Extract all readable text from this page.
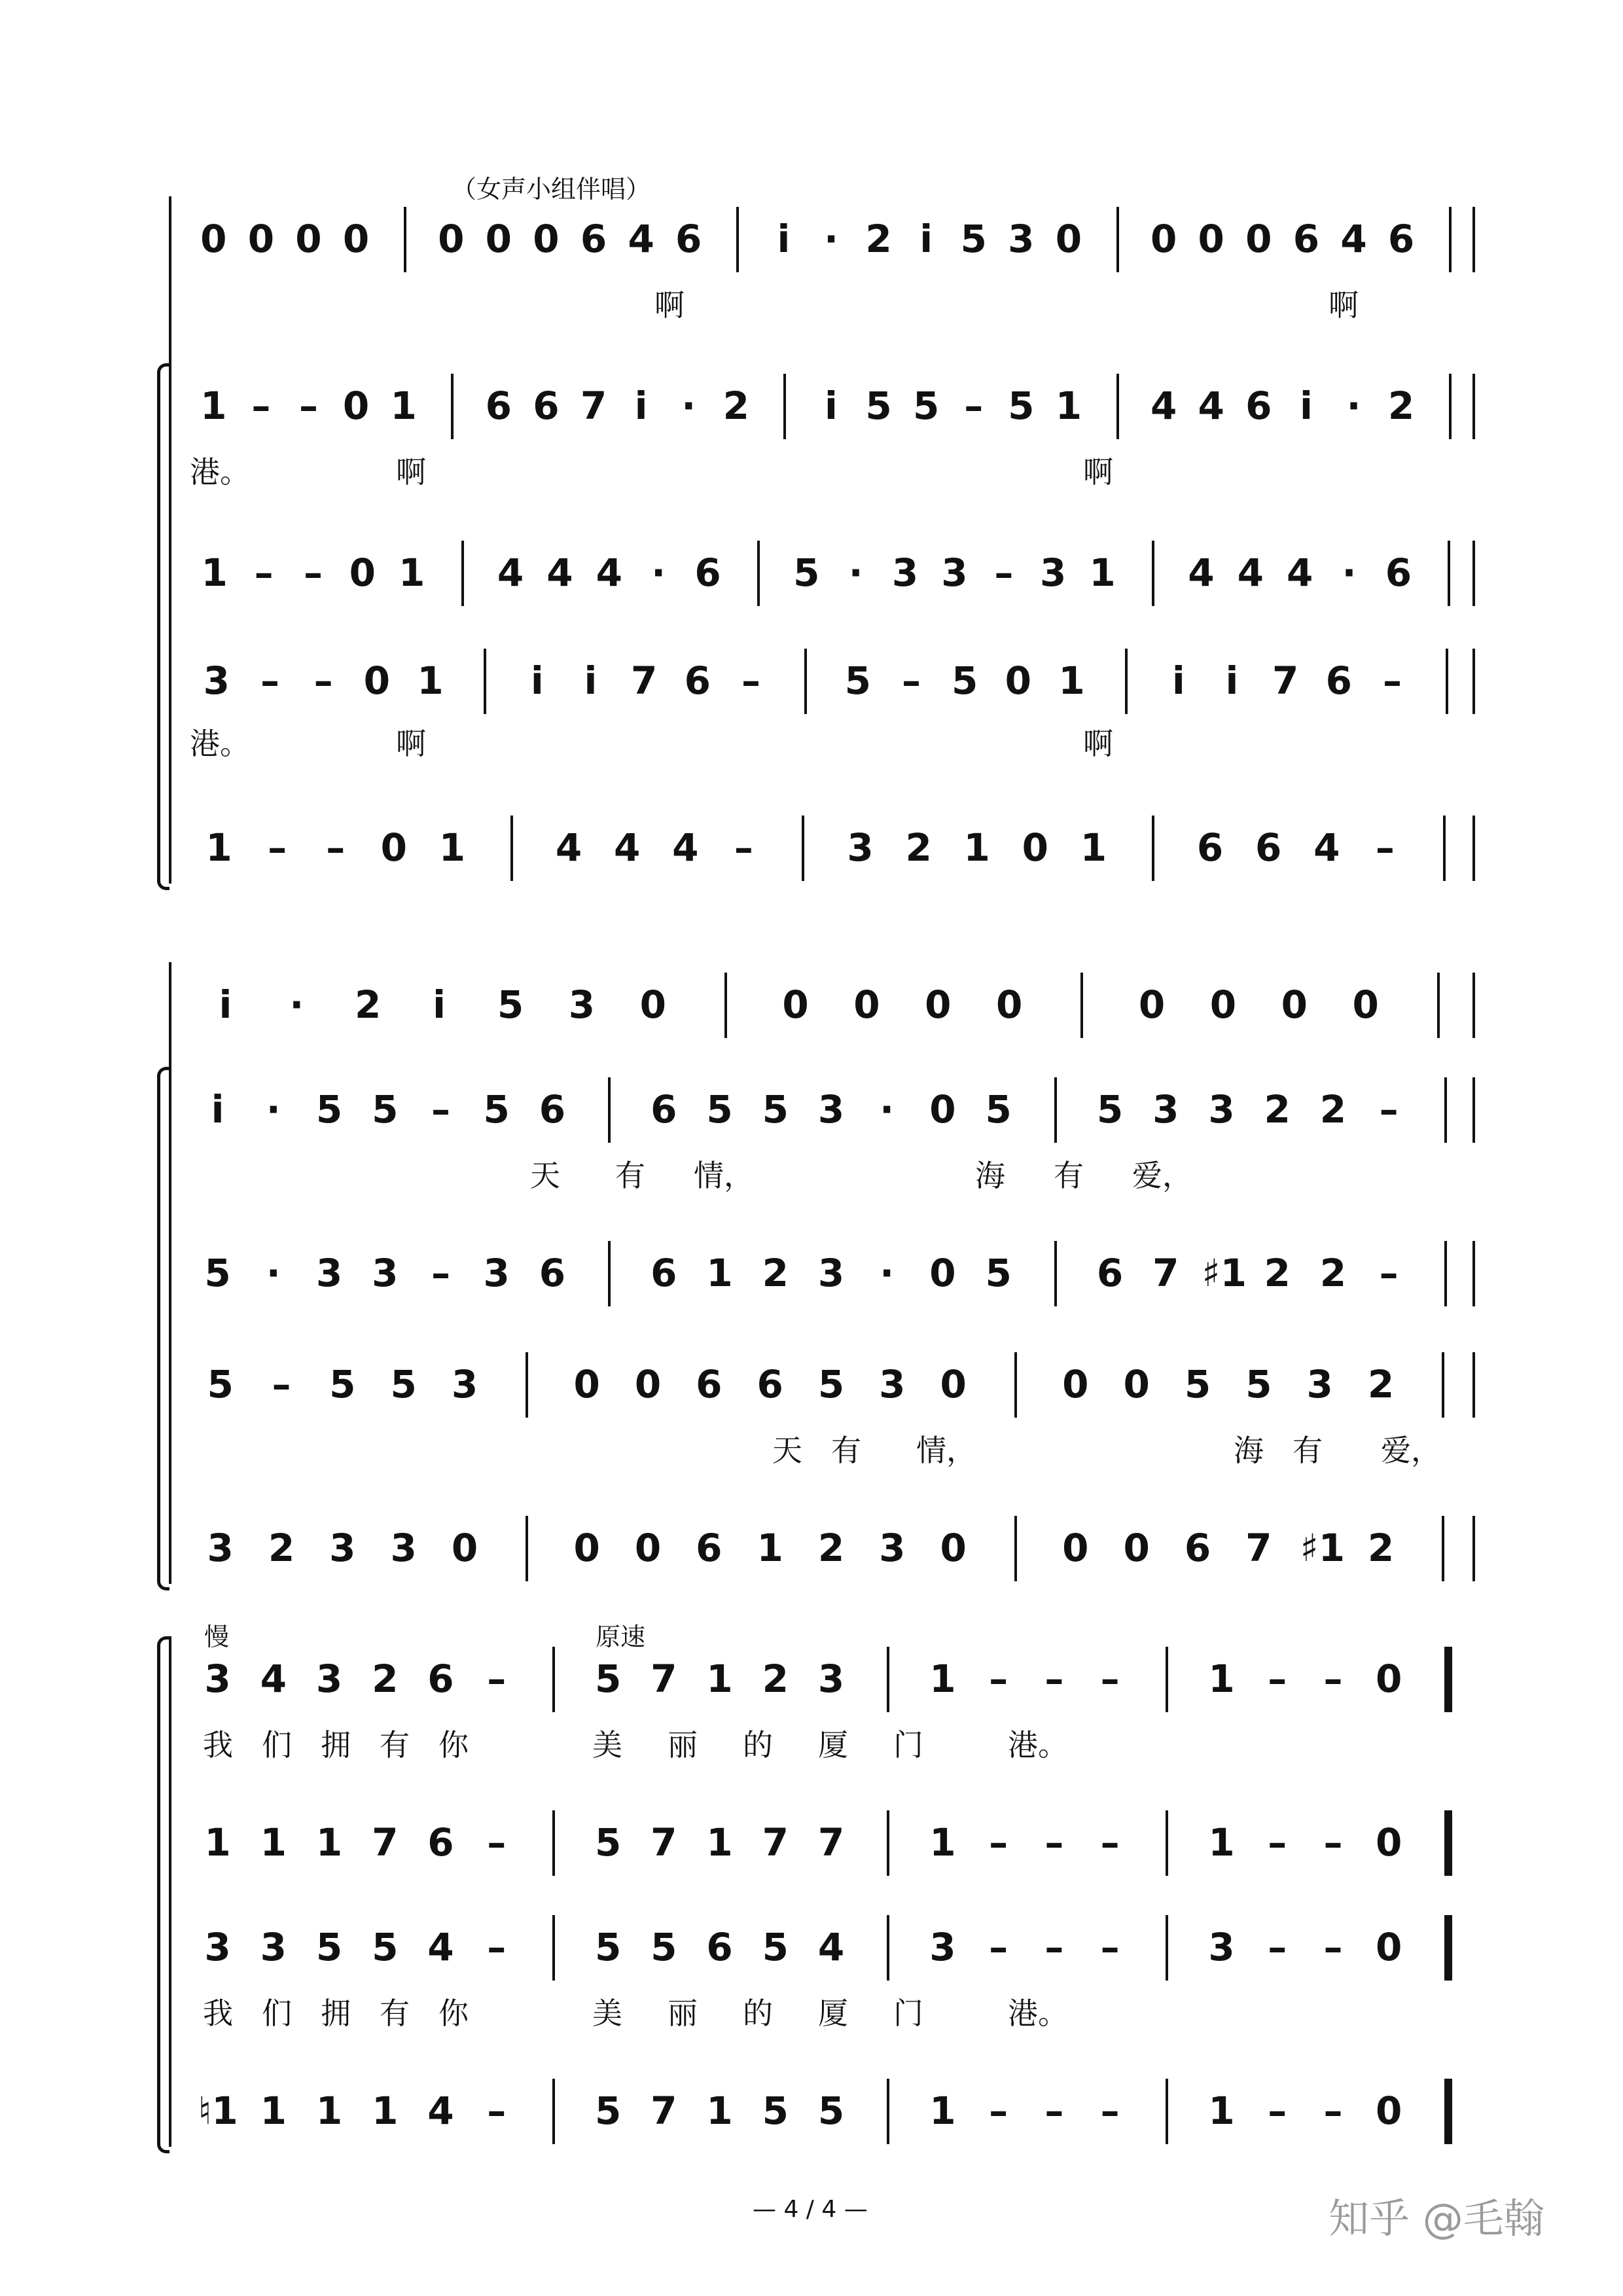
0 0 0 0 0 0 0 6 4 6	i · 2 i 5 3 0 0 0 0 6 4 6
1 – – 0 1 6 6 7 i · 2	i 5 5 – 5 1 4 4 6 i · 2
1 – – 0 1 4 4 4 · 6 5 · 3 3 – 3 1 4 4 4 · 6
3 – – 0 1	i	i 7 6 – 5 – 5 0 1	i	i 7 6 –
1 – – 0 1 4 4 4 – 3 2 1 0 1 6 6 4 –
啊	啊
港。	啊	啊
港。	啊	啊
i	·	2	i	5 3 0	0 0 0 0	0 0 0 0
i	· 5 5 – 5 6 6 5 5 3 · 0 5 5 3 3 2 2 –
5 · 3 3 – 3 6 6 1 2 3 · 0 5 6 7 ♯1 2 2 –
5 – 5 5 3	0 0 6 6 5 3 0	0 0 5 5 3 2
3 2 3 3 0	0 0 6 1 2 3 0	0 0 6 7 ♯1 2
天 有 情，	海 有 爱，
天 有 情，	海 有 爱，
慢	原速
3 4 3 2 6 – 5 7 1 2 3 1 – – – 1 – – 0
1 1 1 7 6 – 5 7 1 7 7 1 – – – 1 – – 0
3 3 5 5 4 – 5 5 6 5 4 3 – – – 3 – – 0
♮1 1 1 1 4 – 5 7 1 5 5 1 – – – 1 – – 0
我 们 拥 有 你	美 丽 的 厦 门	港。
我 们 拥 有 你	美 丽 的 厦 门	港。
（女声小组伴唱）
— 4 / 4 —	知乎 @毛翰
